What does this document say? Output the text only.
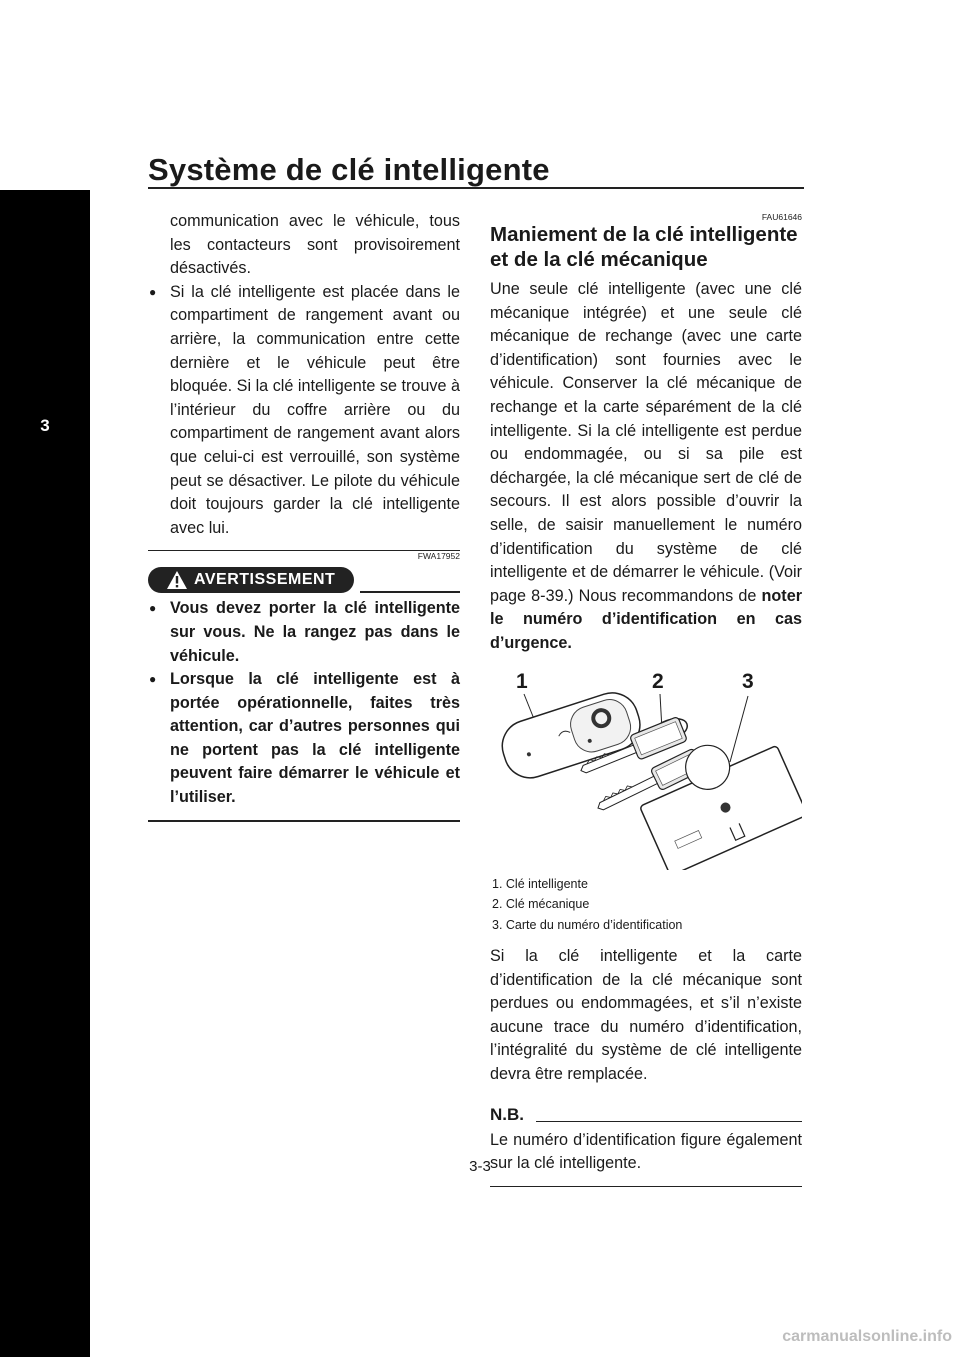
Système de clé intelligente
3

communication avec le véhicule, tous les contacteurs sont provisoirement désactivés.

● Si la clé intelligente est placée dans le compartiment de rangement avant ou arrière, la communication entre cette dernière et le véhicule peut être bloquée. Si la clé intelligente se trouve à l’intérieur du coffre arrière ou du compartiment de rangement avant alors que celui-ci est verrouillé, son système peut se désactiver. Le pilote du véhicule doit toujours garder la clé intelligente avec lui.
FWA17952
AVERTISSEMENT
● Vous devez porter la clé intelligente sur vous. Ne la rangez pas dans le véhicule.
● Lorsque la clé intelligente est à portée opérationnelle, faites très attention, car d’autres personnes qui ne portent pas la clé intelligente peuvent faire démarrer le véhicule et l’utiliser.
FAU61646
Maniement de la clé intelligente et de la clé mécanique

Une seule clé intelligente (avec une clé mécanique intégrée) et une seule clé mécanique de rechange (avec une carte d’identification) sont fournies avec le véhicule. Conserver la clé mécanique de rechange et la carte séparément de la clé intelligente. Si la clé intelligente est perdue ou endommagée, ou si sa pile est déchargée, la clé mécanique sert de clé de secours. Il est alors possible d’ouvrir la selle, de saisir manuellement le numéro d’identification du système de clé intelligente et de démarrer le véhicule. (Voir page 8-39.) Nous recommandons de noter le numéro d’identification en cas d’urgence.

1	2	3

1. Clé intelligente

2. Clé mécanique

3. Carte du numéro d’identification

Si la clé intelligente et la carte d’identification de la clé mécanique sont perdues ou endommagées, et s’il n’existe aucune trace du numéro d’identification, l’intégralité du système de clé intelligente devra être remplacée.

N.B.

Le numéro d’identification figure également sur la clé intelligente.

3-3
carmanualsonline.info
